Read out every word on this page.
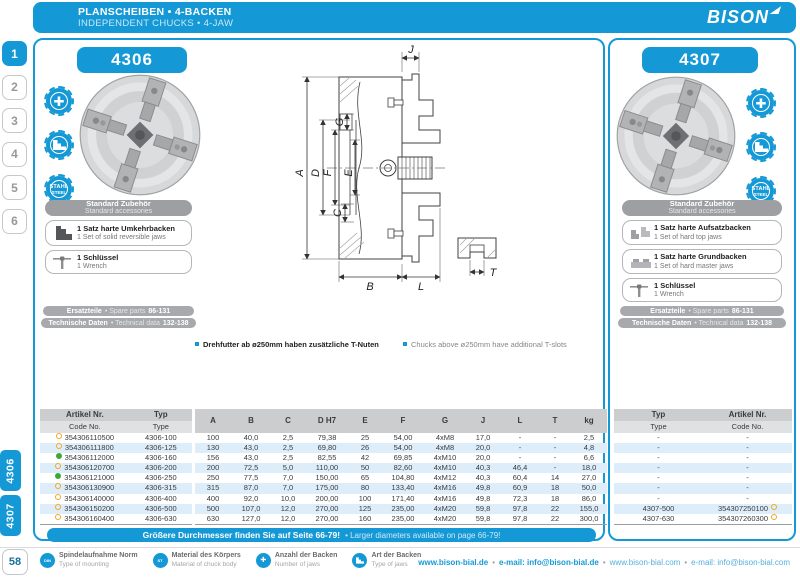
PLANSCHEIBEN • 4-BACKEN
INDEPENDENT CHUCKS • 4-JAW	BISON
1
2
3
4
5
6
4306
4307
58
4306
✚
STAHL
STEEL
Standard Zubehör
Standard accessories
1 Satz harte Umkehrbacken
1 Set of solid reversible jaws
1 Schlüssel
1 Wrench
Ersatzteile • Spare parts 86-131
Technische Daten • Technical data 132-138
A D F E
G
C
J
B	L
T
Drehfutter ab ø250mm haben zusätzliche T-Nuten	Chucks above ø250mm have additional T-slots
Artikel Nr.	Typ
Code No.	Type
354306110500	4306-100
354306111800	4306-125
354306112000	4306-160
354306120700	4306-200
354306121000	4306-250
354306130900	4306-315
354306140000	4306-400
354306150200	4306-500
354306160400	4306-630
A	B	C	D H7	E	F	G	J	L	T	kg
100	40,0	2,5	79,38	25	54,00	4xM8	17,0	-	-	2,5
130	43,0	2,5	69,80	26	54,00	4xM8	20,0	-	-	4,8
156	43,0	2,5	82,55	42	69,85	4xM10	20,0	-	-	6,6
200	72,5	5,0	110,00	50	82,60	4xM10	40,3	46,4	-	18,0
250	77,5	7,0	150,00	65	104,80	4xM12	40,3	60,4	14	27,0
315	87,0	7,0	175,00	80	133,40	4xM16	49,8	60,9	18	50,0
400	92,0	10,0	200,00	100	171,40	4xM16	49,8	72,3	18	86,0
500	107,0	12,0	270,00	125	235,00	4xM20	59,8	97,8	22	155,0
630	127,0	12,0	270,00	160	235,00	4xM20	59,8	97,8	22	300,0
Größere Durchmesser finden Sie auf Seite 66-79! • Larger diameters available on page 66-79!
4307
✚
STAHL
STEEL
Standard Zubehör
Standard accessories
1 Satz harte Aufsatzbacken
1 Set of hard top jaws
1 Satz harte Grundbacken
1 Set of hard master jaws
1 Schlüssel
1 Wrench
Ersatzteile • Spare parts 86-131
Technische Daten • Technical data 132-138
Typ	Artikel Nr.
Type	Code No.
-	-
-	-
-	-
-	-
-	-
-	-
-	-
4307-500	354307250100
4307-630	354307260300
DIN
Spindelaufnahme Norm
Type of mounting
ST
Material des Körpers
Material of chuck body
✚
Anzahl der Backen
Number of jaws
Art der Backen
Type of jaws	www.bison-bial.de • e-mail: info@bison-bial.de • www.bison-bial.com • e-mail: info@bison-bial.com
